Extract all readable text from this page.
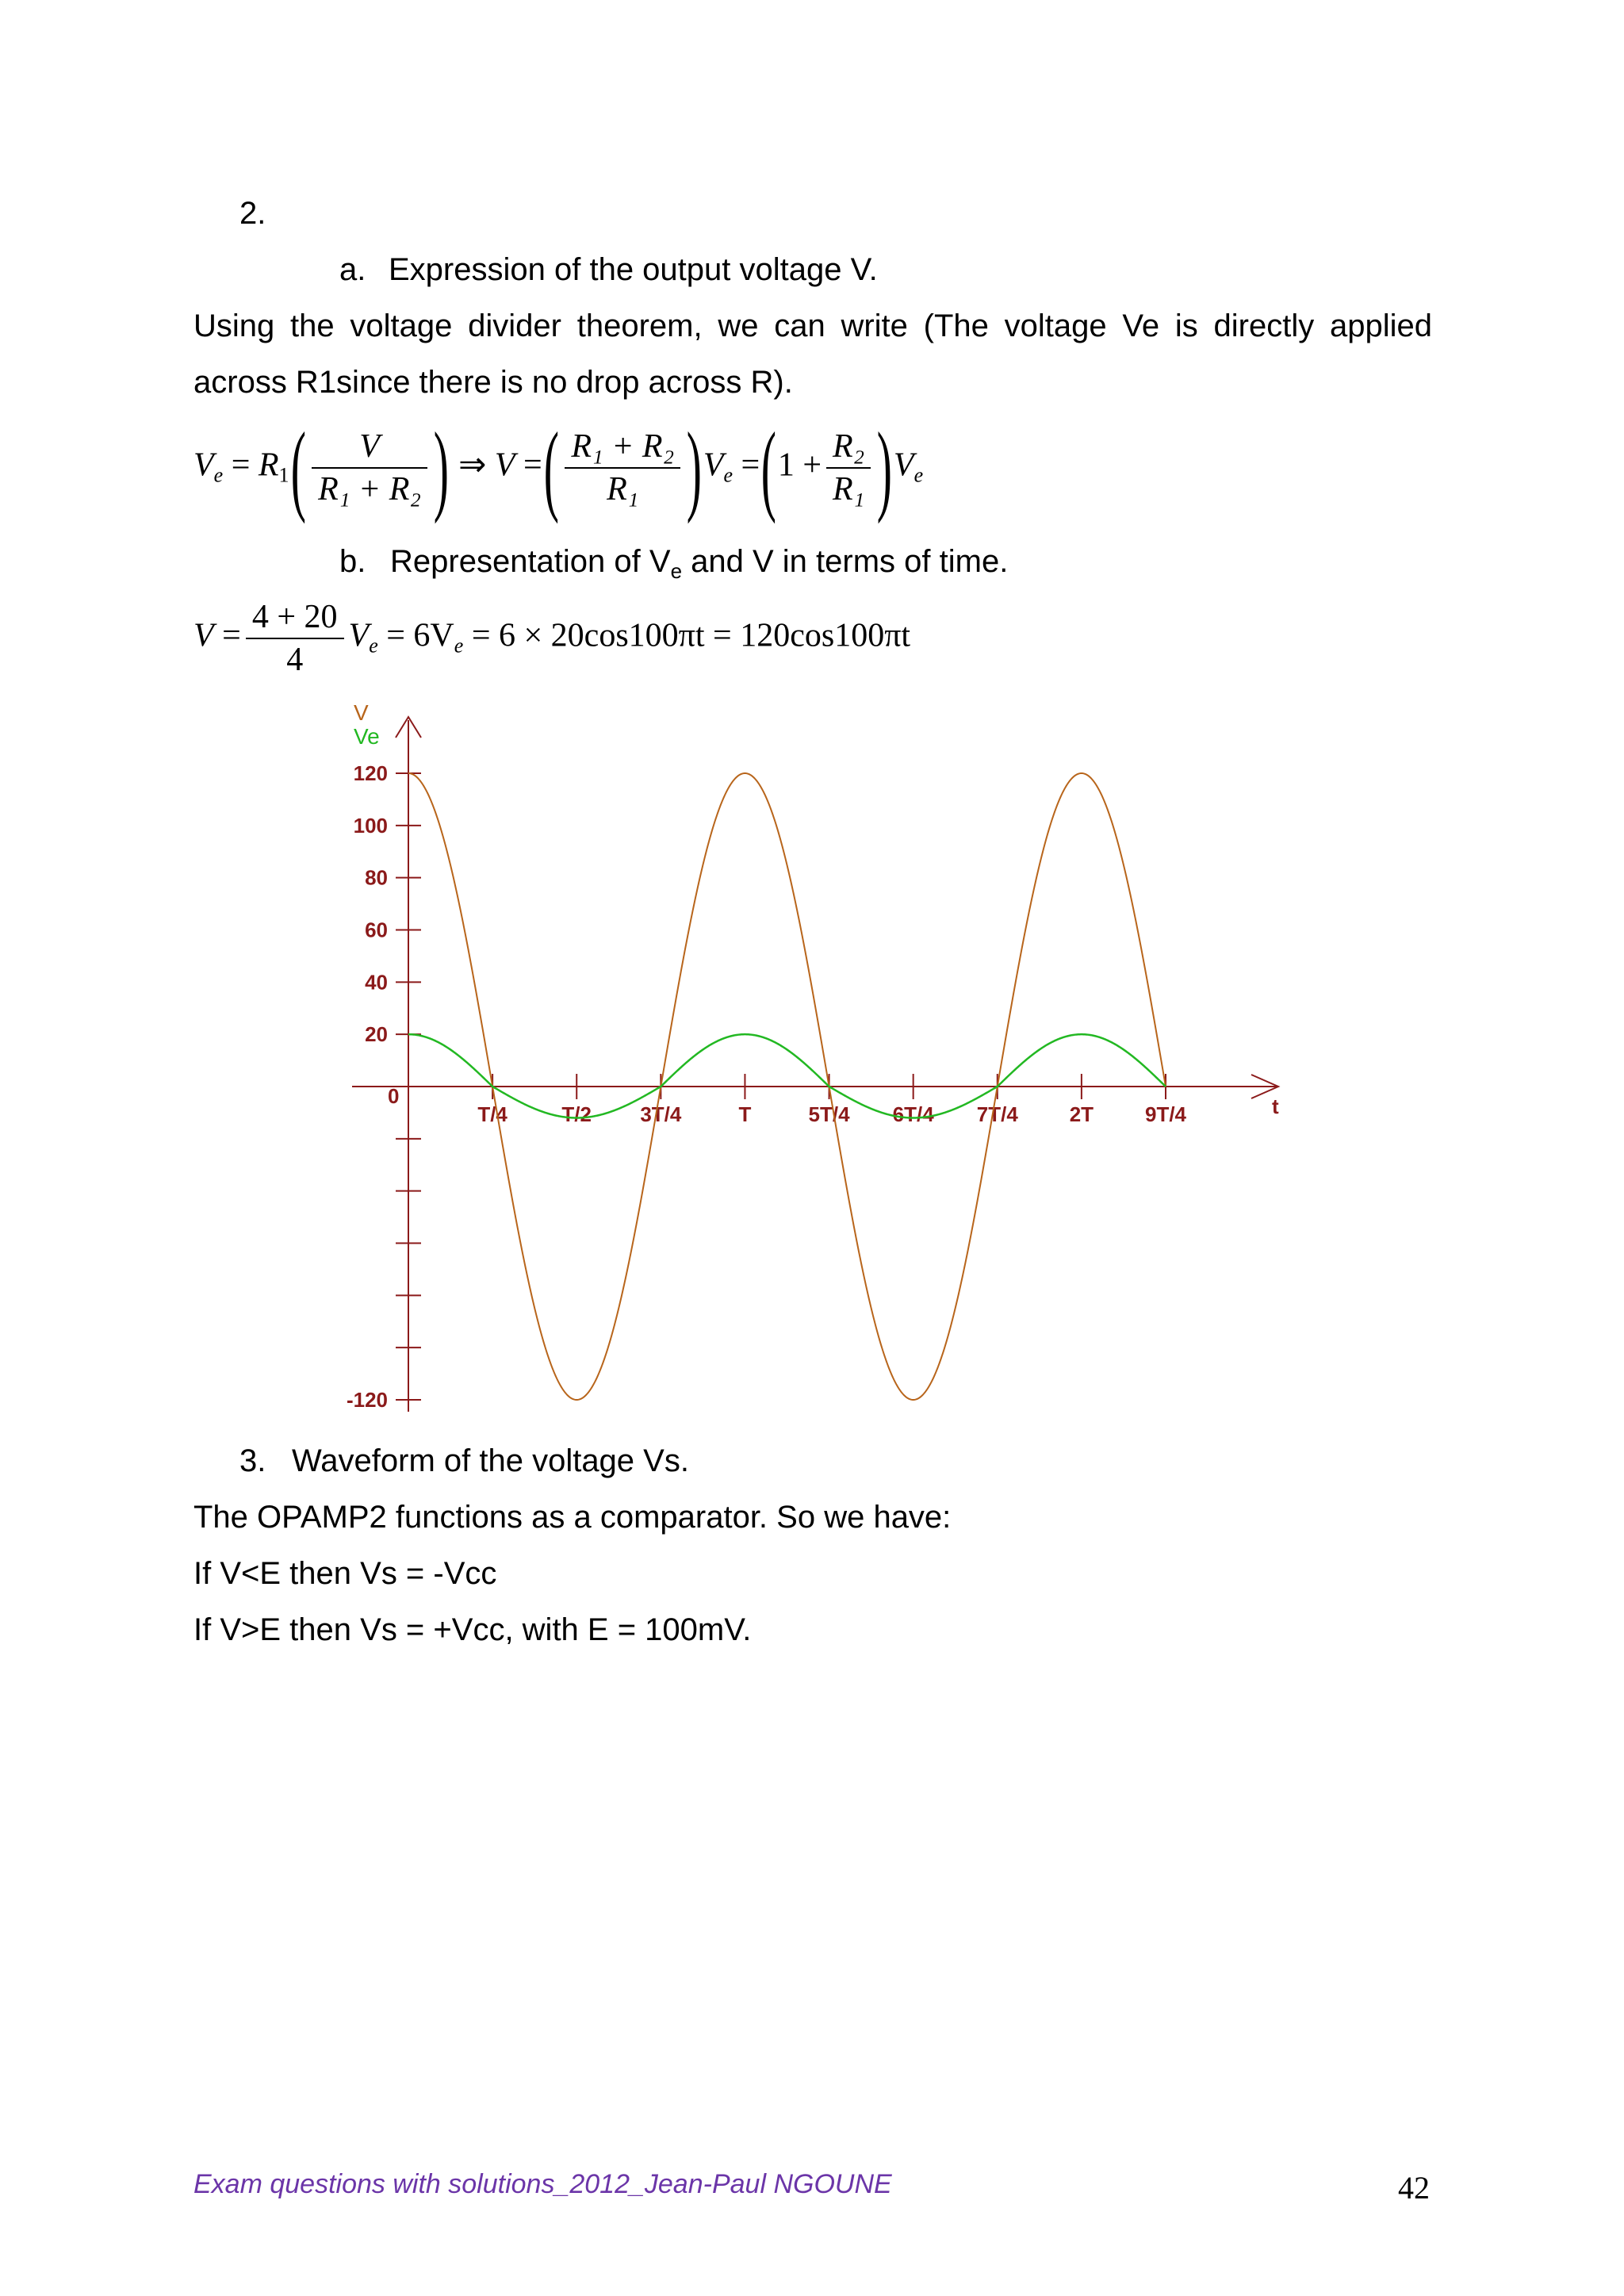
2.
a. Expression of the output voltage V.
Using the voltage divider theorem, we can write (The voltage Ve is directly applied
across R1since there is no drop across R).
$V_e = R_1( \frac{V}{\text{R₁ + R₂}}$ ) ⇒ V =( $\frac{\text{R₁ + R₂}}{\text{R₁}} )V_e =(1 + \frac{\text{R₂}}{\text{R₁}} )V_e$
b. Representation of $V_e$ and V in terms of time.
$V = \frac{4 + 20}{4} V_e = 6V_e = 6 \times 20\cos 100\pi t = 120\cos 100\pi t$
120
100
80
60
40
20
-120
T/4	T/2 3T/4	T	5T/4 6T/4 7T/4 2T 9T/4
V
Ve
t
0
3. Waveform of the voltage Vs.
The OPAMP2 functions as a comparator. So we have:
If V<E then Vs = -Vcc
If V>E then Vs = +Vcc, with E = 100mV.
Exam questions with solutions_2012_Jean-Paul NGOUNE	42
